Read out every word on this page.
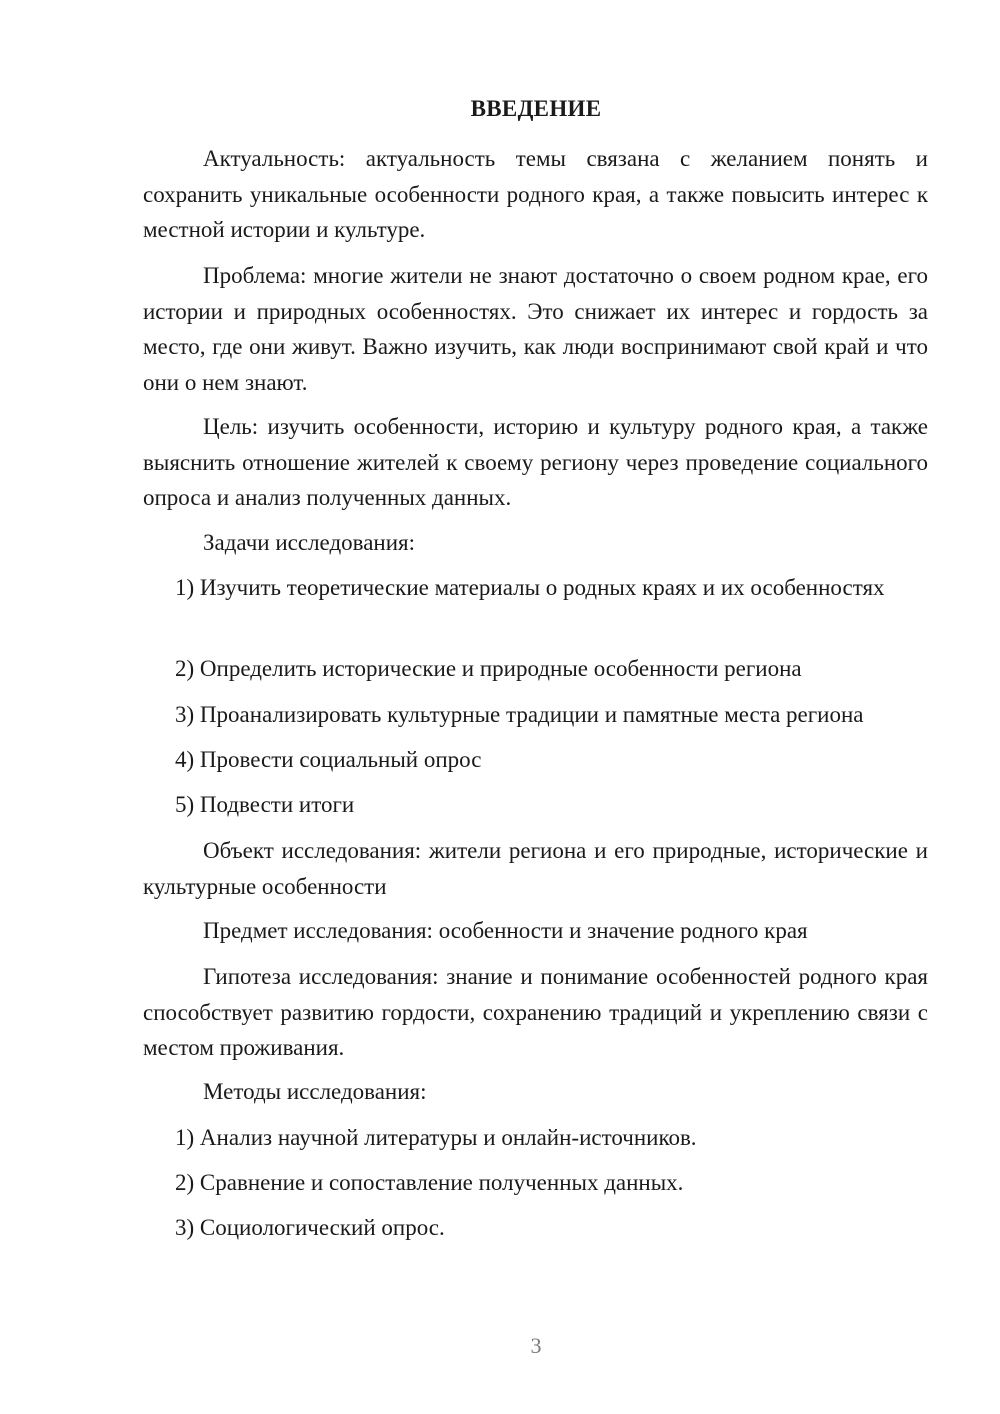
ВВЕДЕНИЕ

Актуальность: актуальность темы связана с желанием понять и сохранить уникальные особенности родного края, а также повысить интерес к местной истории и культуре.

Проблема: многие жители не знают достаточно о своем родном крае, его истории и природных особенностях. Это снижает их интерес и гордость за место, где они живут. Важно изучить, как люди воспринимают свой край и что они о нем знают.

Цель: изучить особенности, историю и культуру родного края, а также выяснить отношение жителей к своему региону через проведение социального опроса и анализ полученных данных.

Задачи исследования:

1) Изучить теоретические материалы о родных краях и их особенностях

2) Определить исторические и природные особенности региона

3) Проанализировать культурные традиции и памятные места региона

4) Провести социальный опрос

5) Подвести итоги

Объект исследования: жители региона и его природные, исторические и культурные особенности

Предмет исследования: особенности и значение родного края

Гипотеза исследования: знание и понимание особенностей родного края способствует развитию гордости, сохранению традиций и укреплению связи с местом проживания.

Методы исследования:

1) Анализ научной литературы и онлайн-источников.

2) Сравнение и сопоставление полученных данных.

3) Социологический опрос.

3
